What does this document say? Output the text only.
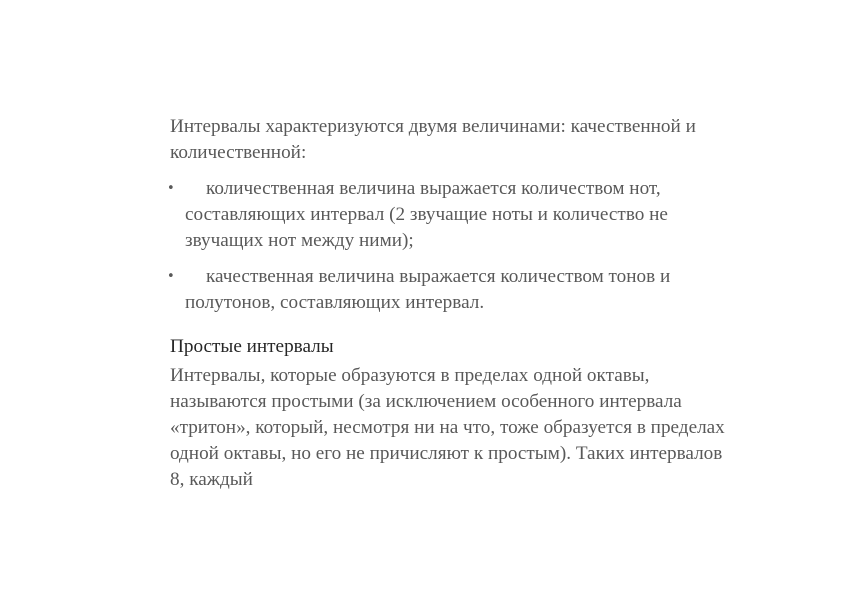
Интервалы характеризуются двумя величинами: качественной и количественной:

•	количественная величина выражается количеством нот, составляющих интервал (2 звучащие ноты и количество не звучащих нот между ними);
•	качественная величина выражается количеством тонов и полутонов, составляющих интервал.

Простые интервалы

Интервалы, которые образуются в пределах одной октавы, называются простыми (за исключением особенного интервала «тритон», который, несмотря ни на что, тоже образуется в пределах одной октавы, но его не причисляют к простым). Таких интервалов 8, каждый
